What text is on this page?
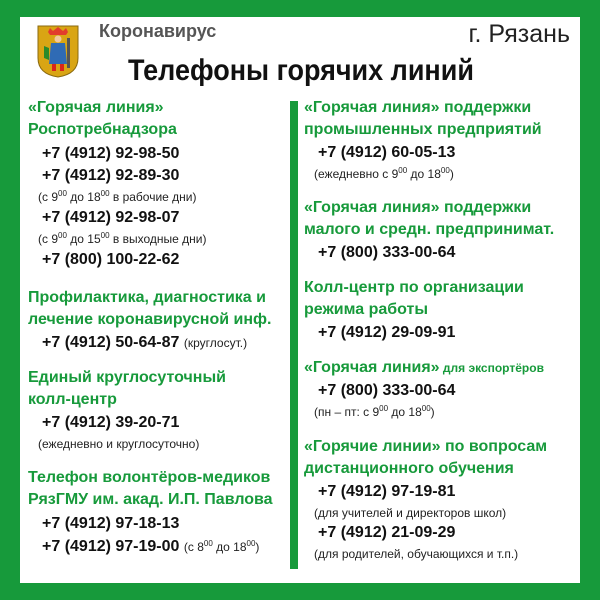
Коронавирус	г. Рязань
Телефоны горячих линий
«Горячая линия»
Роспотребнадзора
+7 (4912) 92-98-50
+7 (4912) 92-89-30
(с $9^{00}$ до $18^{00}$ в рабочие дни)
+7 (4912) 92-98-07
(с $9^{00}$ до $15^{00}$ в выходные дни)
+7 (800) 100-22-62
Профилактика, диагностика и
лечение коронавирусной инф.
+7 (4912) 50-64-87 (круглосут.)
Единый круглосуточный
колл-центр
+7 (4912) 39-20-71
(ежедневно и круглосуточно)
Телефон волонтёров-медиков
РязГМУ им. акад. И.П. Павлова
+7 (4912) 97-18-13
+7 (4912) 97-19-00 (с $8^{00}$ до $18^{00}$)
«Горячая линия» поддержки
промышленных предприятий
+7 (4912) 60-05-13
(ежедневно с $9^{00}$ до $18^{00}$)
«Горячая линия» поддержки
малого и средн. предпринимат.
+7 (800) 333-00-64
Колл-центр по организации
режима работы
+7 (4912) 29-09-91
«Горячая линия» для экспортёров
+7 (800) 333-00-64
(пн – пт: с $9^{00}$ до $18^{00}$)
«Горячие линии» по вопросам
дистанционного обучения
+7 (4912) 97-19-81
(для учителей и директоров школ)
+7 (4912) 21-09-29
(для родителей, обучающихся и т.п.)
